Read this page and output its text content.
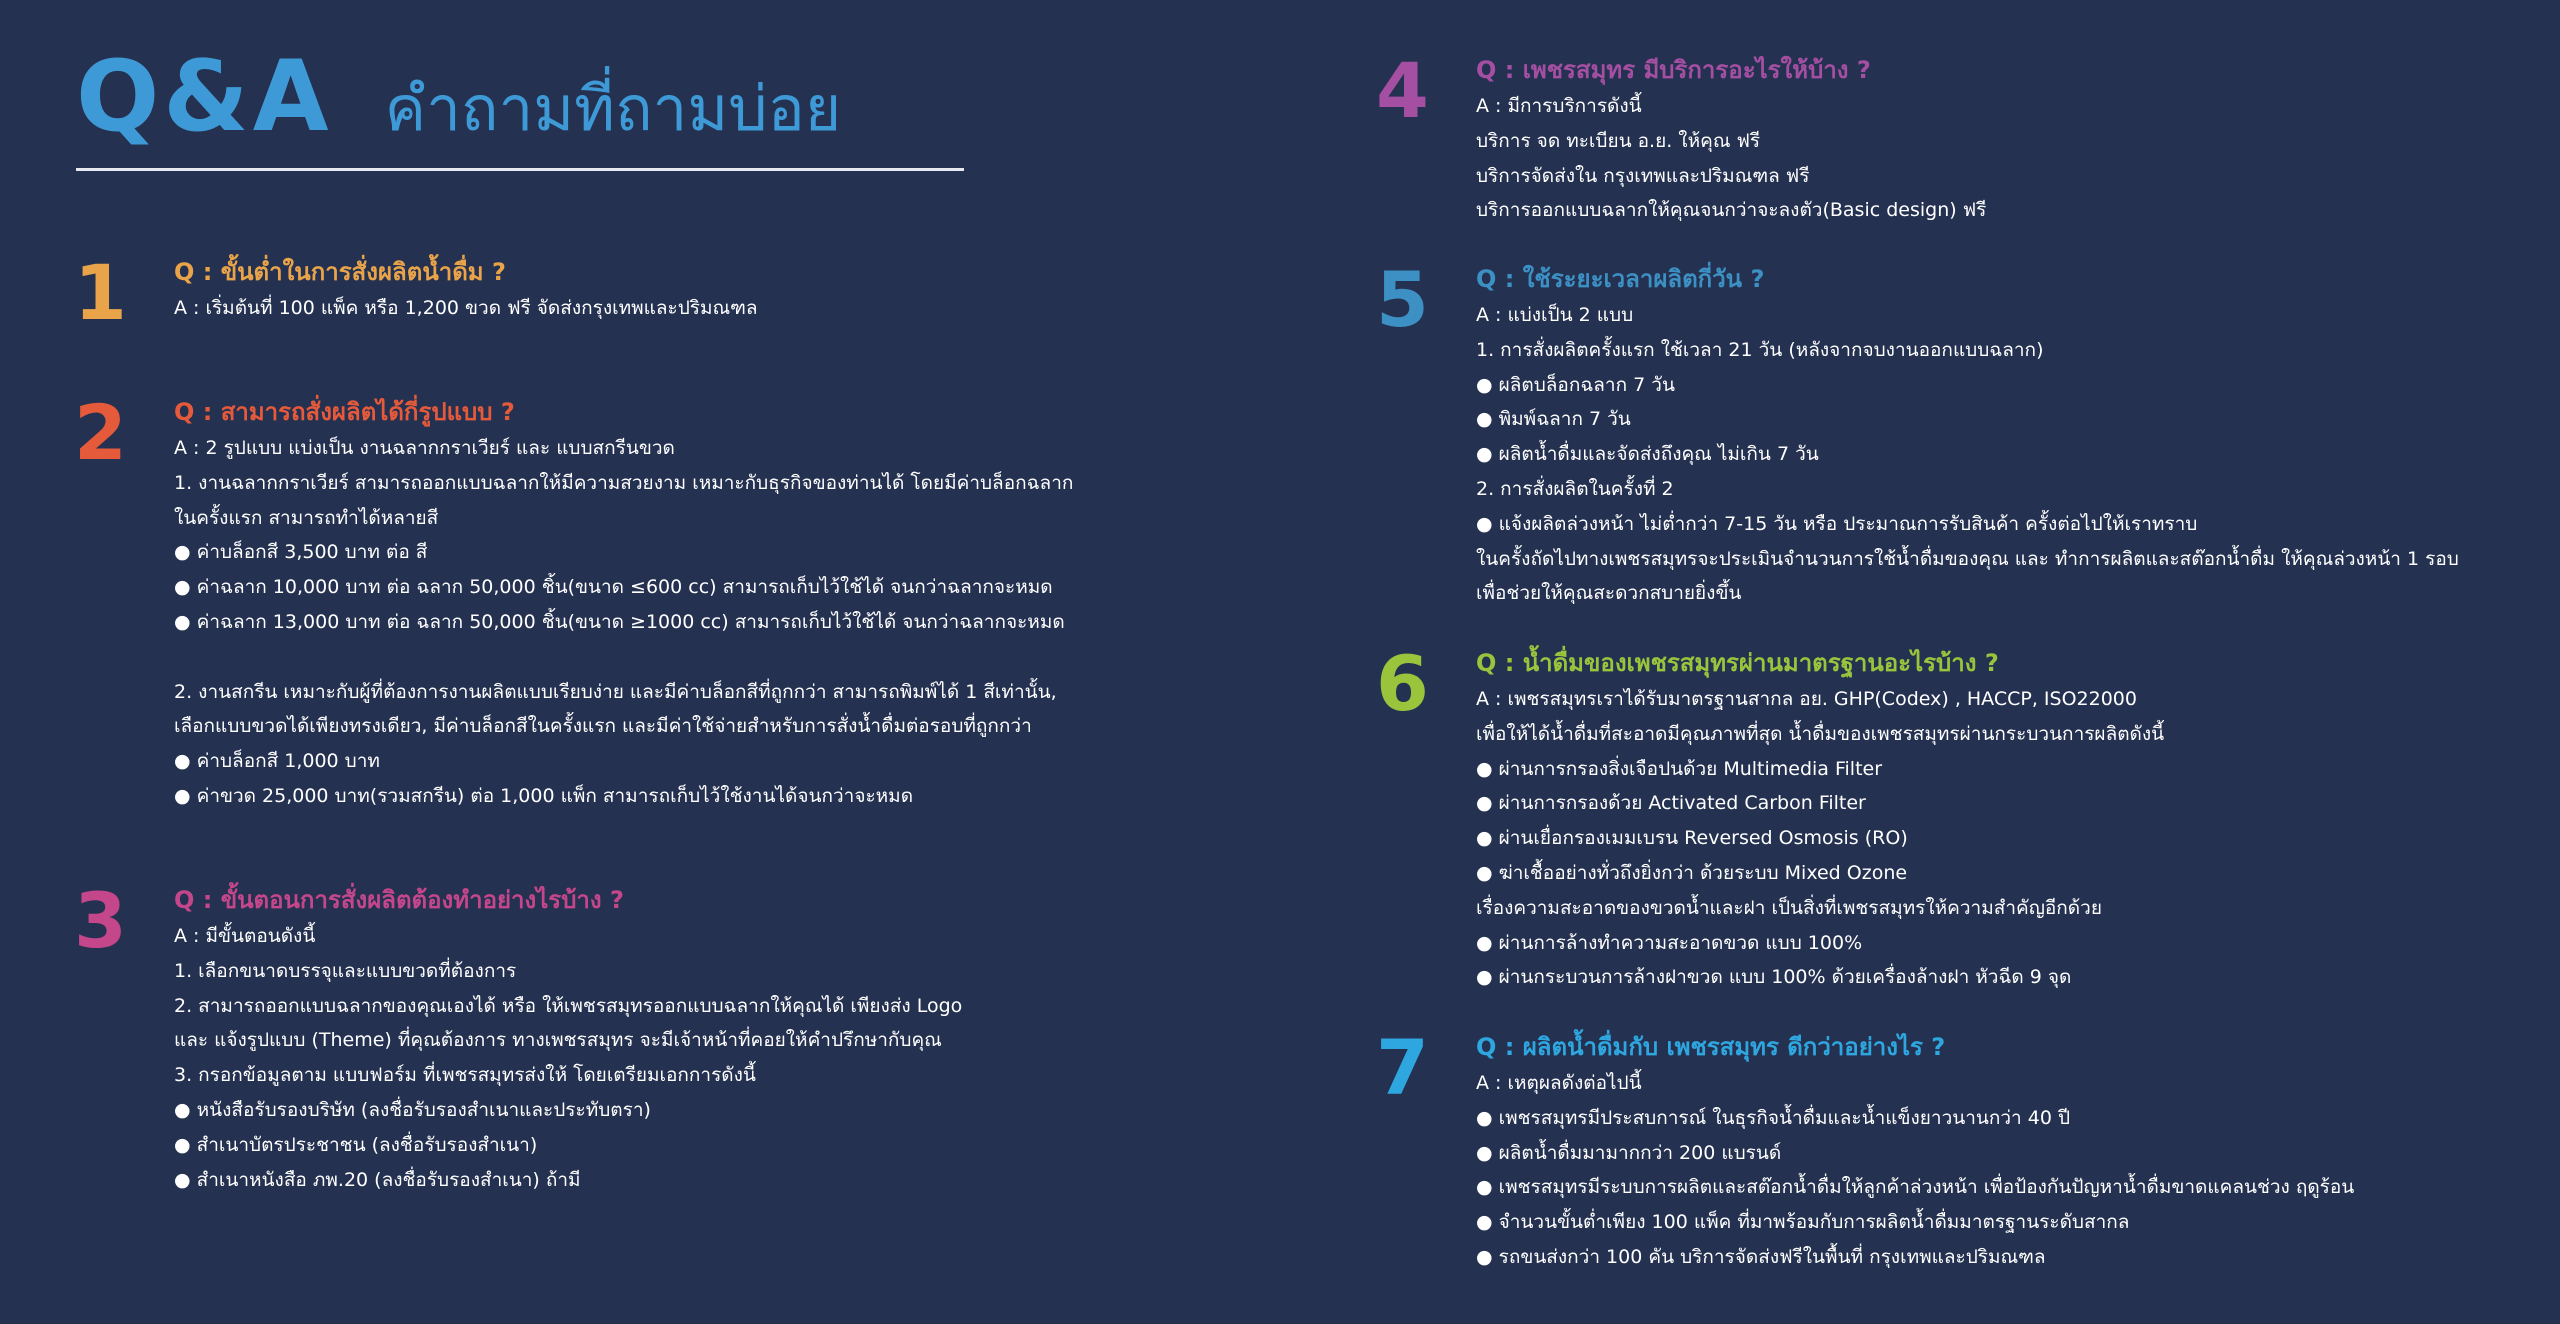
Q&A คำถามที่ถามบ่อย
1 Q : ขั้นต่ำในการสั่งผลิตน้ำดื่ม ?
A : เริ่มต้นที่ 100 แพ็ค หรือ 1,200 ขวด ฟรี จัดส่งกรุงเทพและปริมณฑล
2 Q : สามารถสั่งผลิตได้กี่รูปแบบ ?
A : 2 รูปแบบ แบ่งเป็น งานฉลากกราเวียร์ และ แบบสกรีนขวด
1. งานฉลากกราเวียร์ สามารถออกแบบฉลากให้มีความสวยงาม เหมาะกับธุรกิจของท่านได้ โดยมีค่าบล็อกฉลาก
ในครั้งแรก สามารถทำได้หลายสี
● ค่าบล็อกสี 3,500 บาท ต่อ สี
● ค่าฉลาก 10,000 บาท ต่อ ฉลาก 50,000 ชิ้น(ขนาด ≤600 cc) สามารถเก็บไว้ใช้ได้ จนกว่าฉลากจะหมด
● ค่าฉลาก 13,000 บาท ต่อ ฉลาก 50,000 ชิ้น(ขนาด ≥1000 cc) สามารถเก็บไว้ใช้ได้ จนกว่าฉลากจะหมด
2. งานสกรีน เหมาะกับผู้ที่ต้องการงานผลิตแบบเรียบง่าย และมีค่าบล็อกสีที่ถูกกว่า สามารถพิมพ์ได้ 1 สีเท่านั้น,
เลือกแบบขวดได้เพียงทรงเดียว, มีค่าบล็อกสีในครั้งแรก และมีค่าใช้จ่ายสำหรับการสั่งน้ำดื่มต่อรอบที่ถูกกว่า
● ค่าบล็อกสี 1,000 บาท
● ค่าขวด 25,000 บาท(รวมสกรีน) ต่อ 1,000 แพ็ก สามารถเก็บไว้ใช้งานได้จนกว่าจะหมด
3 Q : ขั้นตอนการสั่งผลิตต้องทำอย่างไรบ้าง ?
A : มีขั้นตอนดังนี้
1. เลือกขนาดบรรจุและแบบขวดที่ต้องการ
2. สามารถออกแบบฉลากของคุณเองได้ หรือ ให้เพชรสมุทรออกแบบฉลากให้คุณได้ เพียงส่ง Logo
และ แจ้งรูปแบบ (Theme) ที่คุณต้องการ ทางเพชรสมุทร จะมีเจ้าหน้าที่คอยให้คำปรึกษากับคุณ
3. กรอกข้อมูลตาม แบบฟอร์ม ที่เพชรสมุทรส่งให้ โดยเตรียมเอกการดังนี้
● หนังสือรับรองบริษัท (ลงชื่อรับรองสำเนาและประทับตรา)
● สำเนาบัตรประชาชน (ลงชื่อรับรองสำเนา)
● สำเนาหนังสือ ภพ.20 (ลงชื่อรับรองสำเนา) ถ้ามี
4 Q : เพชรสมุทร มีบริการอะไรให้บ้าง ?
A : มีการบริการดังนี้
บริการ จด ทะเบียน อ.ย. ให้คุณ ฟรี
บริการจัดส่งใน กรุงเทพและปริมณฑล ฟรี
บริการออกแบบฉลากให้คุณจนกว่าจะลงตัว(Basic design) ฟรี
5 Q : ใช้ระยะเวลาผลิตกี่วัน ?
A : แบ่งเป็น 2 แบบ
1. การสั่งผลิตครั้งแรก ใช้เวลา 21 วัน (หลังจากจบงานออกแบบฉลาก)
● ผลิตบล็อกฉลาก 7 วัน
● พิมพ์ฉลาก 7 วัน
● ผลิตน้ำดื่มและจัดส่งถึงคุณ ไม่เกิน 7 วัน
2. การสั่งผลิตในครั้งที่ 2
● แจ้งผลิตล่วงหน้า ไม่ต่ำกว่า 7-15 วัน หรือ ประมาณการรับสินค้า ครั้งต่อไปให้เราทราบ
ในครั้งถัดไปทางเพชรสมุทรจะประเมินจำนวนการใช้น้ำดื่มของคุณ และ ทำการผลิตและสต๊อกน้ำดื่ม ให้คุณล่วงหน้า 1 รอบ
เพื่อช่วยให้คุณสะดวกสบายยิ่งขึ้น
6 Q : น้ำดื่มของเพชรสมุทรผ่านมาตรฐานอะไรบ้าง ?
A : เพชรสมุทรเราได้รับมาตรฐานสากล อย. GHP(Codex) , HACCP, ISO22000
เพื่อให้ได้น้ำดื่มที่สะอาดมีคุณภาพที่สุด น้ำดื่มของเพชรสมุทรผ่านกระบวนการผลิตดังนี้
● ผ่านการกรองสิ่งเจือปนด้วย Multimedia Filter
● ผ่านการกรองด้วย Activated Carbon Filter
● ผ่านเยื่อกรองเมมเบรน Reversed Osmosis (RO)
● ฆ่าเชื้ออย่างทั่วถึงยิ่งกว่า ด้วยระบบ Mixed Ozone
เรื่องความสะอาดของขวดน้ำและฝา เป็นสิ่งที่เพชรสมุทรให้ความสำคัญอีกด้วย
● ผ่านการล้างทำความสะอาดขวด แบบ 100%
● ผ่านกระบวนการล้างฝาขวด แบบ 100% ด้วยเครื่องล้างฝา หัวฉีด 9 จุด
7 Q : ผลิตน้ำดื่มกับ เพชรสมุทร ดีกว่าอย่างไร ?
A : เหตุผลดังต่อไปนี้
● เพชรสมุทรมีประสบการณ์ ในธุรกิจน้ำดื่มและน้ำแข็งยาวนานกว่า 40 ปี
● ผลิตน้ำดื่มมามากกว่า 200 แบรนด์
● เพชรสมุทรมีระบบการผลิตและสต๊อกน้ำดื่มให้ลูกค้าล่วงหน้า เพื่อป้องกันปัญหาน้ำดื่มขาดแคลนช่วง ฤดูร้อน
● จำนวนขั้นต่ำเพียง 100 แพ็ค ที่มาพร้อมกับการผลิตน้ำดื่มมาตรฐานระดับสากล
● รถขนส่งกว่า 100 คัน บริการจัดส่งฟรีในพื้นที่ กรุงเทพและปริมณฑล
